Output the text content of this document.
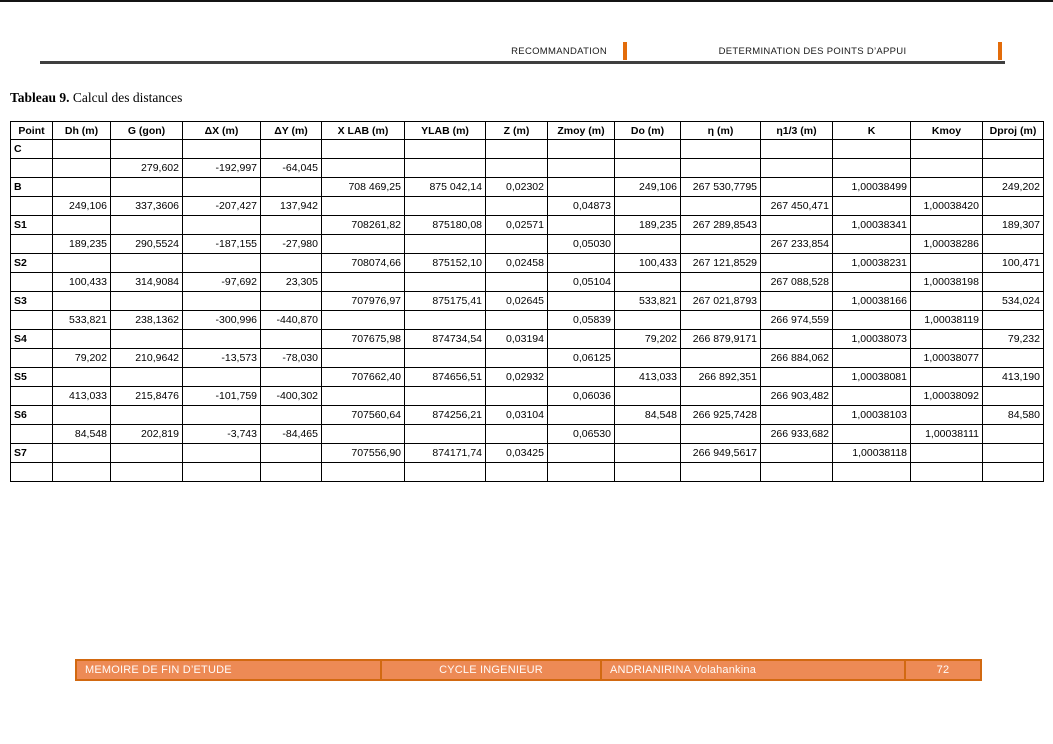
RECOMMANDATION	DETERMINATION DES POINTS D’APPUI

Tableau 9. Calcul des distances

Point	Dh (m)	G (gon)	ΔX (m)	ΔY (m)	X LAB (m)	YLAB (m)	Z (m)	Zmoy (m)	Do (m)	η (m)	η1/3 (m)	K	Kmoy	Dproj (m)
C														
		279,602	-192,997	-64,045										
B					708 469,25	875 042,14	0,02302		249,106	267 530,7795		1,00038499		249,202
	249,106	337,3606	-207,427	137,942				0,04873			267 450,471		1,00038420	
S1					708261,82	875180,08	0,02571		189,235	267 289,8543		1,00038341		189,307
	189,235	290,5524	-187,155	-27,980				0,05030			267 233,854		1,00038286	
S2					708074,66	875152,10	0,02458		100,433	267 121,8529		1,00038231		100,471
	100,433	314,9084	-97,692	23,305				0,05104			267 088,528		1,00038198	
S3					707976,97	875175,41	0,02645		533,821	267 021,8793		1,00038166		534,024
	533,821	238,1362	-300,996	-440,870				0,05839			266 974,559		1,00038119	
S4					707675,98	874734,54	0,03194		79,202	266 879,9171		1,00038073		79,232
	79,202	210,9642	-13,573	-78,030				0,06125			266 884,062		1,00038077	
S5					707662,40	874656,51	0,02932		413,033	266 892,351		1,00038081		413,190
	413,033	215,8476	-101,759	-400,302				0,06036			266 903,482		1,00038092	
S6					707560,64	874256,21	0,03104		84,548	266 925,7428		1,00038103		84,580
	84,548	202,819	-3,743	-84,465				0,06530			266 933,682		1,00038111	
S7					707556,90	874171,74	0,03425			266 949,5617		1,00038118		

MEMOIRE DE FIN D’ETUDE	CYCLE INGENIEUR	ANDRIANIRINA Volahankina	72
